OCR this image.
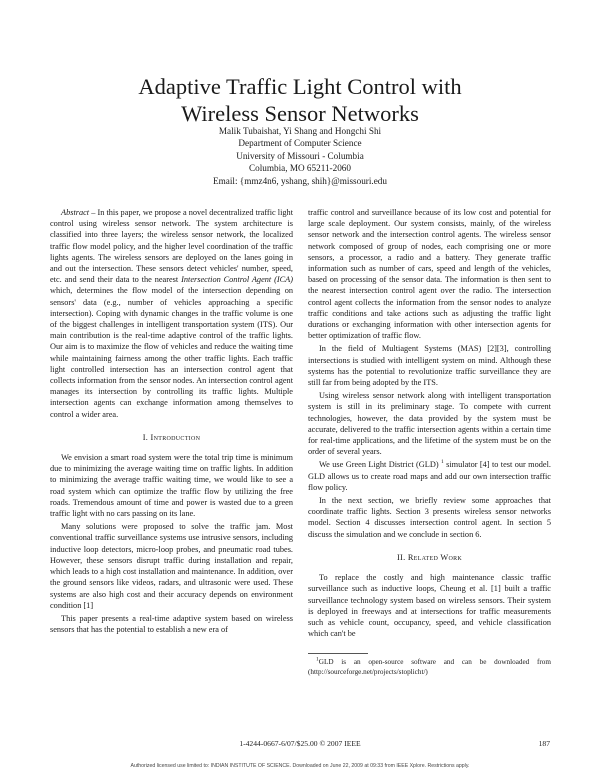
Adaptive Traffic Light Control with
Wireless Sensor Networks
Malik Tubaishat, Yi Shang and Hongchi Shi
Department of Computer Science
University of Missouri - Columbia
Columbia, MO 65211-2060
Email: {mmz4n6, yshang, shih}@missouri.edu

Abstract – In this paper, we propose a novel decentralized traffic light control using wireless sensor network. The system architecture is classified into three layers; the wireless sensor network, the localized traffic flow model policy, and the higher level coordination of the traffic lights agents. The wireless sensors are deployed on the lanes going in and out the intersection. These sensors detect vehicles' number, speed, etc. and send their data to the nearest Intersection Control Agent (ICA) which, determines the flow model of the intersection depending on sensors' data (e.g., number of vehicles approaching a specific intersection). Coping with dynamic changes in the traffic volume is one of the biggest challenges in intelligent transportation system (ITS). Our main contribution is the real-time adaptive control of the traffic lights. Our aim is to maximize the flow of vehicles and reduce the waiting time while maintaining fairness among the other traffic lights. Each traffic light controlled intersection has an intersection control agent that collects information from the sensor nodes. An intersection control agent manages its intersection by controlling its traffic lights. Multiple intersection agents can exchange information among themselves to control a wider area.

I. Introduction

We envision a smart road system were the total trip time is minimum due to minimizing the average waiting time on traffic lights. In addition to minimizing the average traffic waiting time, we would like to see a road system which can optimize the traffic flow by utilizing the free roads. Tremendous amount of time and power is wasted due to a green traffic light with no cars passing on its lane.

Many solutions were proposed to solve the traffic jam. Most conventional traffic surveillance systems use intrusive sensors, including inductive loop detectors, micro-loop probes, and pneumatic road tubes. However, these sensors disrupt traffic during installation and repair, which leads to a high cost installation and maintenance. In addition, over the ground sensors like videos, radars, and ultrasonic were used. These systems are also high cost and their accuracy depends on environment condition [1]

This paper presents a real-time adaptive system based on wireless sensors that has the potential to establish a new era of

traffic control and surveillance because of its low cost and potential for large scale deployment. Our system consists, mainly, of the wireless sensor network and the intersection control agents. The wireless sensor network composed of group of nodes, each comprising one or more sensors, a processor, a radio and a battery. They generate traffic information such as number of cars, speed and length of the vehicles, based on processing of the sensor data. The information is then sent to the nearest intersection control agent over the radio. The intersection control agent collects the information from the sensor nodes to analyze traffic conditions and take actions such as adjusting the traffic light durations or exchanging information with other intersection agents for better optimization of traffic flow.

In the field of Multiagent Systems (MAS) [2][3], controlling intersections is studied with intelligent system on mind. Although these systems has the potential to revolutionize traffic surveillance they are still far from being adopted by the ITS.

Using wireless sensor network along with intelligent transportation system is still in its preliminary stage. To compete with current technologies, however, the data provided by the system must be accurate, delivered to the traffic intersection agents within a certain time for real-time applications, and the lifetime of the system must be on the order of several years.

We use Green Light District (GLD) $^1$ simulator [4] to test our model. GLD allows us to create road maps and add our own intersection traffic flow policy.

In the next section, we briefly review some approaches that coordinate traffic lights. Section 3 presents wireless sensor networks model. Section 4 discusses intersection control agent. In section 5 discuss the simulation and we conclude in section 6.

II. Related Work

To replace the costly and high maintenance classic traffic surveillance such as inductive loops, Cheung et al. [1] built a traffic surveillance technology system based on wireless sensors. Their system is deployed in freeways and at intersections for traffic measurements such as vehicle count, occupancy, speed, and vehicle classification which can't be

$^1$GLD is an open-source software and can be downloaded from (http://sourceforge.net/projects/stoplicht/)

1-4244-0667-6/07/$25.00 © 2007 IEEE	187
Authorized licensed use limited to: INDIAN INSTITUTE OF SCIENCE. Downloaded on June 22, 2009 at 09:33 from IEEE Xplore. Restrictions apply.
